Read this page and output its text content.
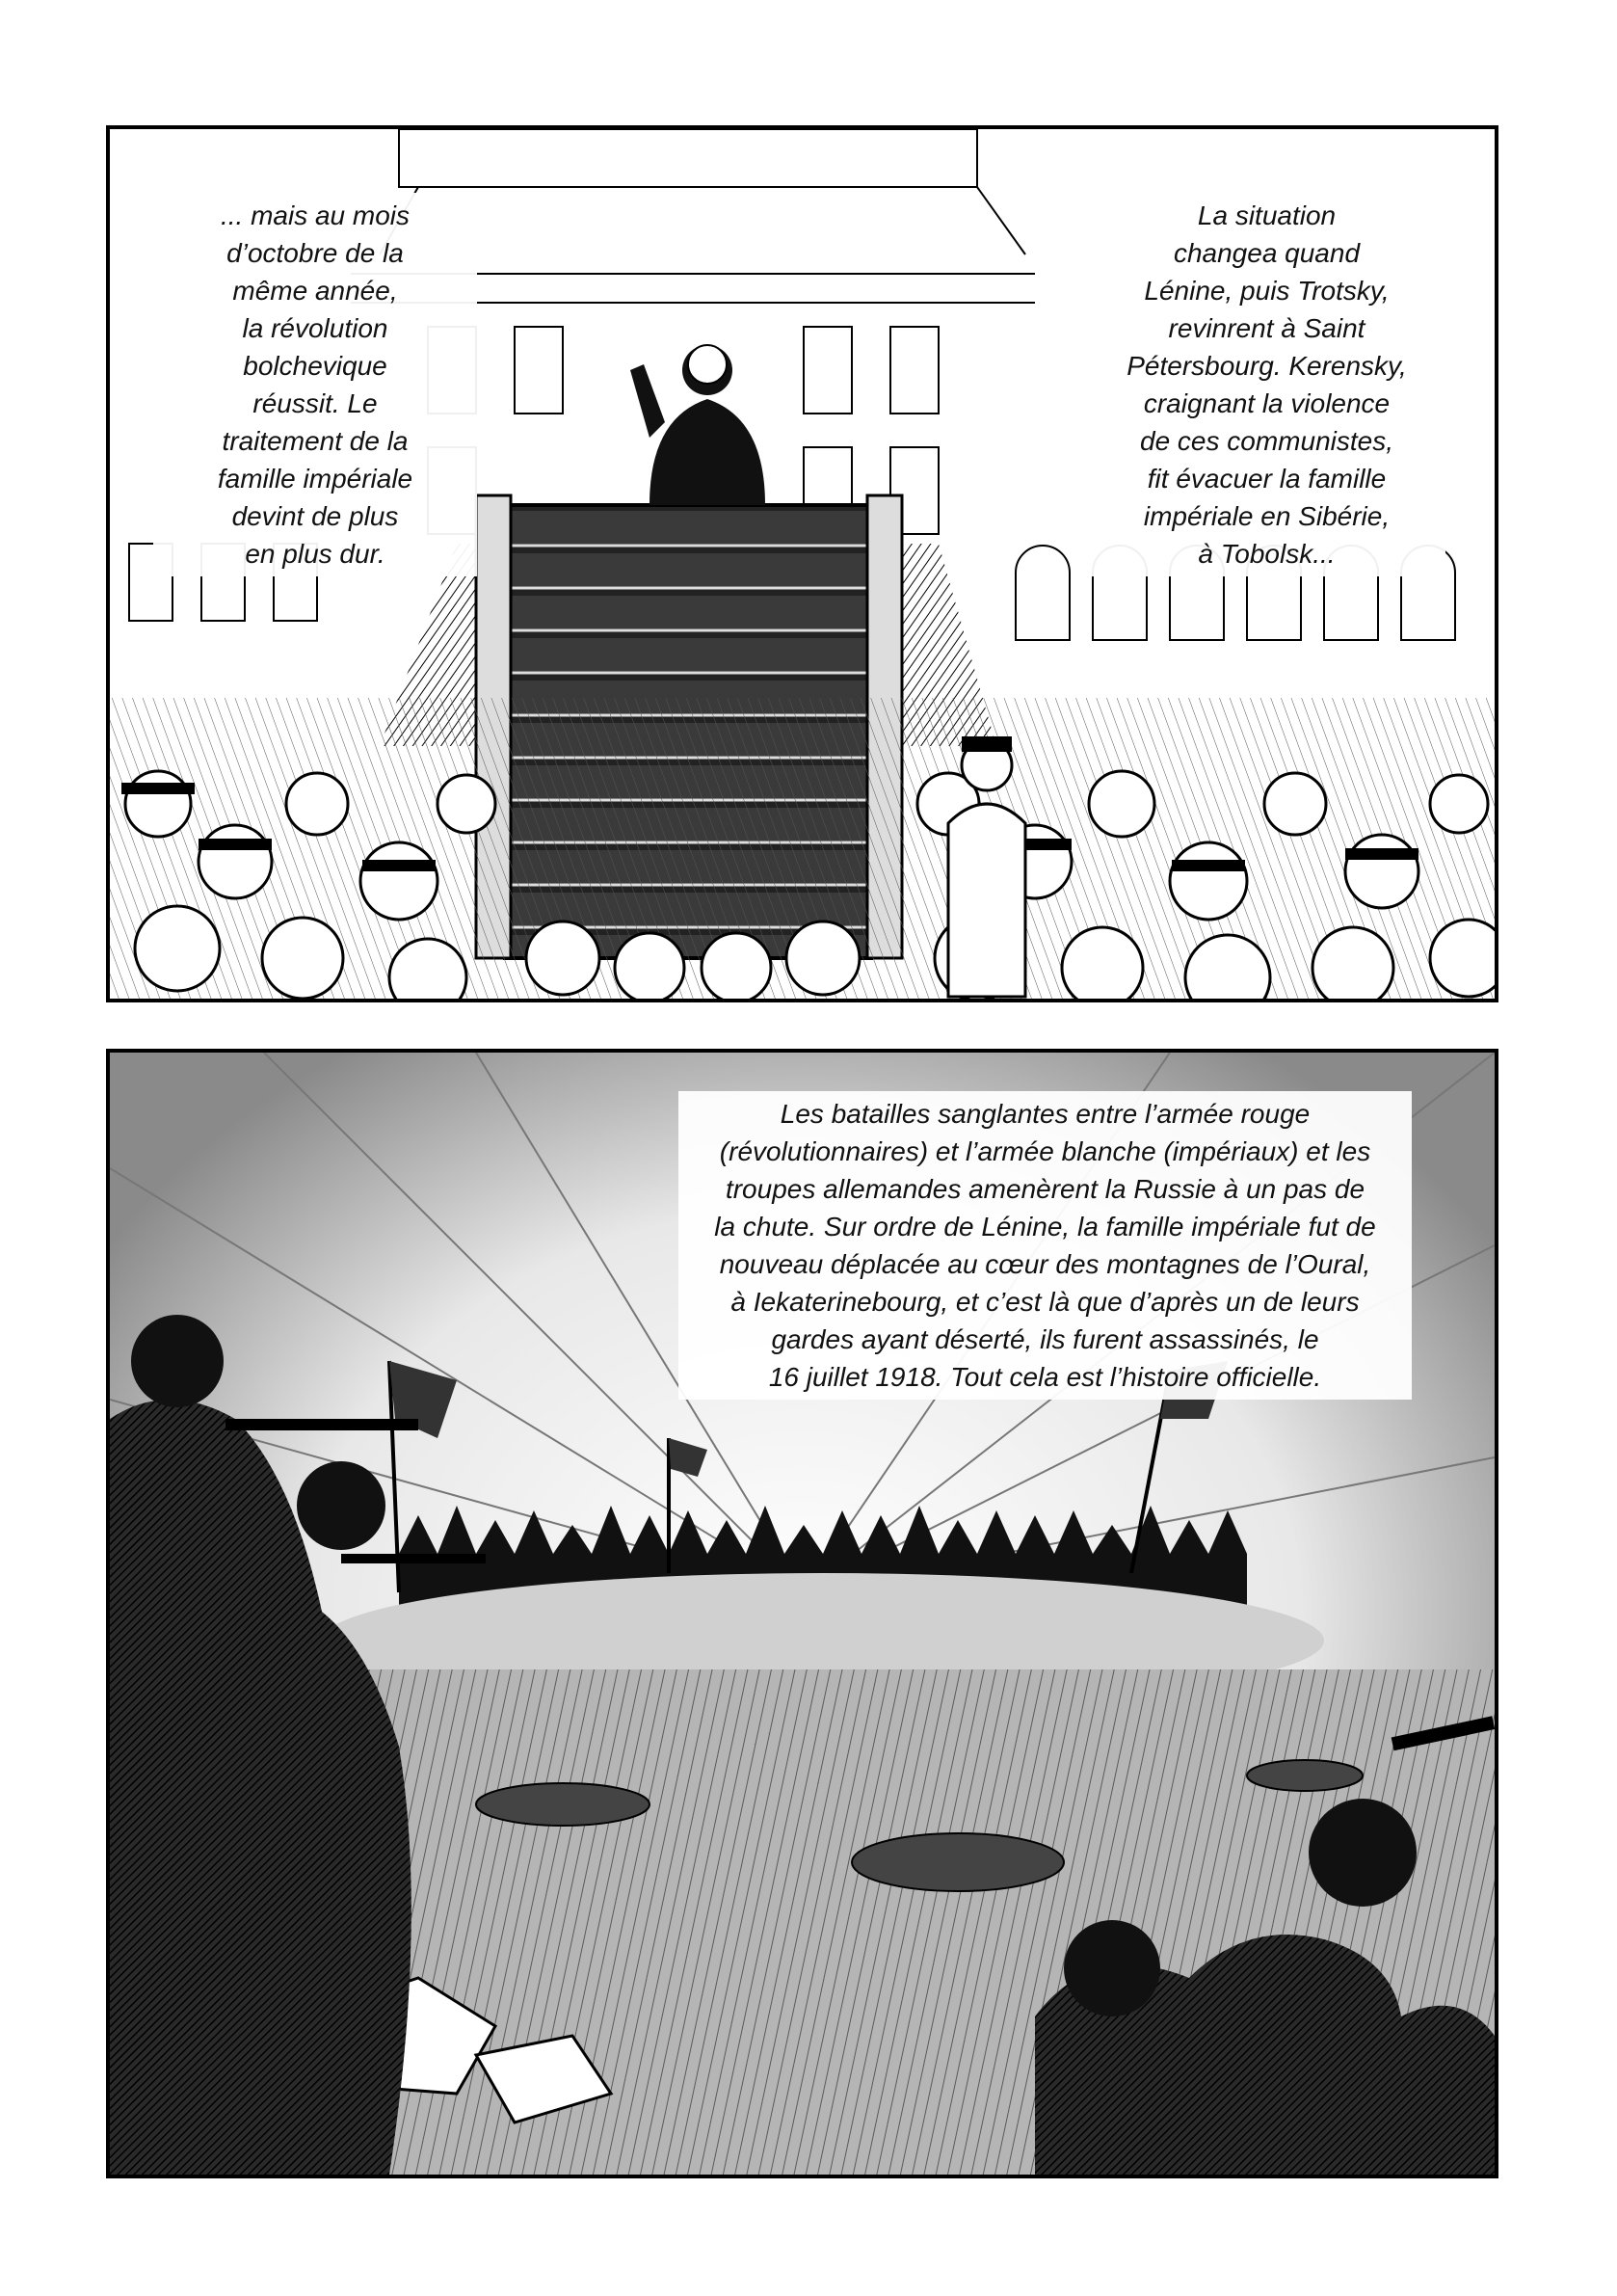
... mais au mois
d’octobre de la
même année,
la révolution
bolchevique
réussit. Le
traitement de la
famille impériale
devint de plus
en plus dur.

La situation
changea quand
Lénine, puis Trotsky,
revinrent à Saint
Pétersbourg. Kerensky,
craignant la violence
de ces communistes,
fit évacuer la famille
impériale en Sibérie,
à Tobolsk...

Les batailles sanglantes entre l’armée rouge
(révolutionnaires) et l’armée blanche (impériaux) et les
troupes allemandes amenèrent la Russie à un pas de
la chute. Sur ordre de Lénine, la famille impériale fut de
nouveau déplacée au cœur des montagnes de l’Oural,
à Iekaterinebourg, et c’est là que d’après un de leurs
gardes ayant déserté, ils furent assassinés, le
16 juillet 1918. Tout cela est l’histoire officielle.
